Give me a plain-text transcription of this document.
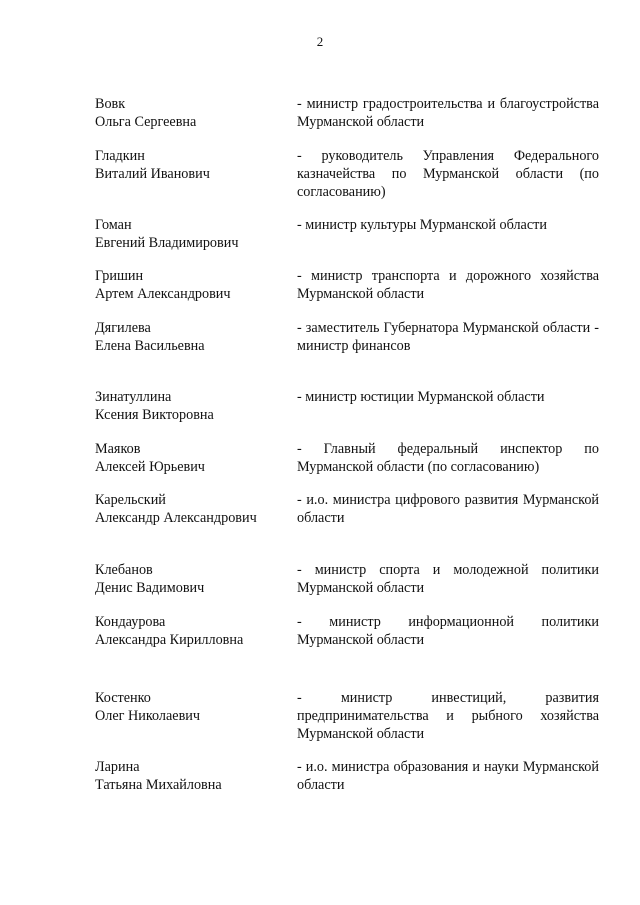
2
Вовк
Ольга Сергеевна
- министр градостроительства и благоустройства Мурманской области
Гладкин
Виталий Иванович
- руководитель Управления Федерального казначейства по Мурманской области (по согласованию)
Гоман
Евгений Владимирович
- министр культуры Мурманской области
Гришин
Артем Александрович
- министр транспорта и дорожного хозяйства Мурманской области
Дягилева
Елена Васильевна
- заместитель Губернатора Мурманской области - министр финансов
Зинатуллина
Ксения Викторовна
- министр юстиции Мурманской области
Маяков
Алексей Юрьевич
- Главный федеральный инспектор по Мурманской области (по согласованию)
Карельский
Александр Александрович
- и.о. министра цифрового развития Мурманской области
Клебанов
Денис Вадимович
- министр спорта и молодежной политики Мурманской области
Кондаурова
Александра Кирилловна
- министр информационной политики Мурманской области
Костенко
Олег Николаевич
- министр инвестиций, развития предпринимательства и рыбного хозяйства Мурманской области
Ларина
Татьяна Михайловна
- и.о. министра образования и науки Мурманской области
